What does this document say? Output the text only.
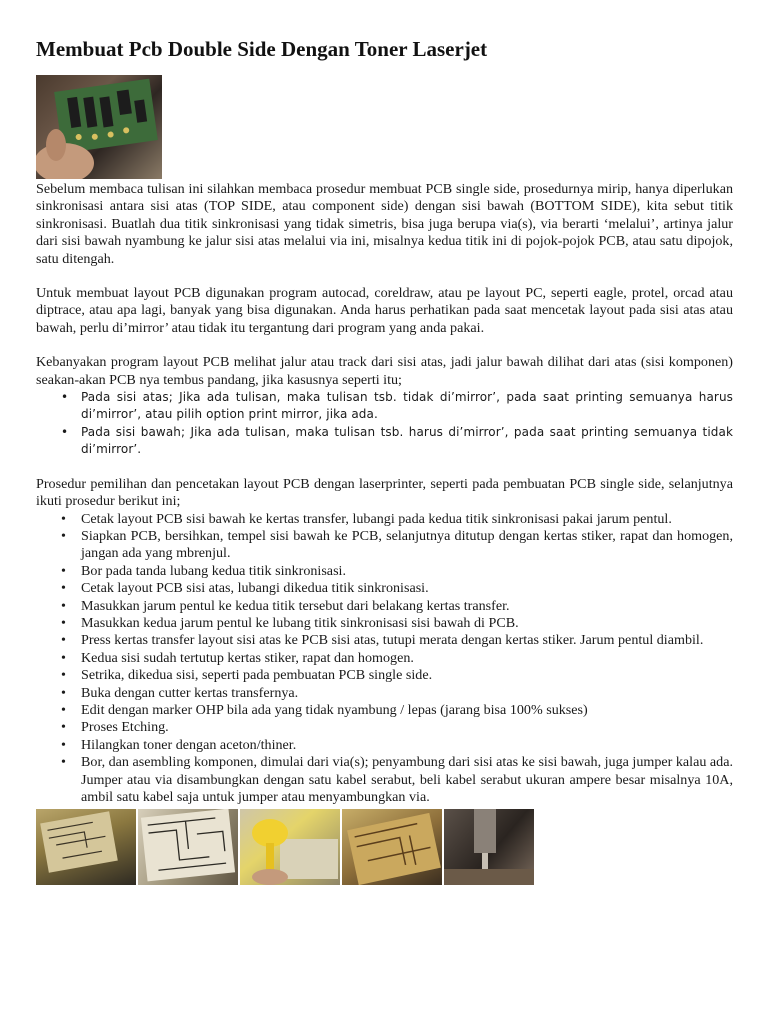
Membuat Pcb Double Side Dengan Toner Laserjet

Sebelum membaca tulisan ini silahkan membaca prosedur membuat PCB single side, prosedurnya mirip, hanya diperlukan sinkronisasi antara sisi atas (TOP SIDE, atau component side) dengan sisi bawah (BOTTOM SIDE), kita sebut titik sinkronisasi. Buatlah dua titik sinkronisasi yang tidak simetris, bisa juga berupa via(s), via berarti ‘melalui’, artinya jalur dari sisi bawah nyambung ke jalur sisi atas melalui via ini, misalnya kedua titik ini di pojok-pojok PCB, atau satu dipojok, satu ditengah.

Untuk membuat layout PCB digunakan program autocad, coreldraw, atau pe layout PC, seperti eagle, protel, orcad atau diptrace, atau apa lagi, banyak yang bisa digunakan. Anda harus perhatikan pada saat mencetak layout pada sisi atas atau bawah, perlu di’mirror’ atau tidak itu tergantung dari program yang anda pakai.

Kebanyakan program layout PCB melihat jalur atau track dari sisi atas, jadi jalur bawah dilihat dari atas (sisi komponen) seakan-akan PCB nya tembus pandang, jika kasusnya seperti itu;

• Pada sisi atas; Jika ada tulisan, maka tulisan tsb. tidak di’mirror’, pada saat printing semuanya harus di’mirror’, atau pilih option print mirror, jika ada.
• Pada sisi bawah; Jika ada tulisan, maka tulisan tsb. harus di’mirror’, pada saat printing semuanya tidak di’mirror’.

Prosedur pemilihan dan pencetakan layout PCB dengan laserprinter, seperti pada pembuatan PCB single side, selanjutnya ikuti prosedur berikut ini;

• Cetak layout PCB sisi bawah ke kertas transfer, lubangi pada kedua titik sinkronisasi pakai jarum pentul.
• Siapkan PCB, bersihkan, tempel sisi bawah ke PCB, selanjutnya ditutup dengan kertas stiker, rapat dan homogen, jangan ada yang mbrenjul.
• Bor pada tanda lubang kedua titik sinkronisasi.
• Cetak layout PCB sisi atas, lubangi dikedua titik sinkronisasi.
• Masukkan jarum pentul ke kedua titik tersebut dari belakang kertas transfer.
• Masukkan kedua jarum pentul ke lubang titik sinkronisasi sisi bawah di PCB.
• Press kertas transfer layout sisi atas ke PCB sisi atas, tutupi merata dengan kertas stiker. Jarum pentul diambil.
• Kedua sisi sudah tertutup kertas stiker, rapat dan homogen.
• Setrika, dikedua sisi, seperti pada pembuatan PCB single side.
• Buka dengan cutter kertas transfernya.
• Edit dengan marker OHP bila ada yang tidak nyambung / lepas (jarang bisa 100% sukses)
• Proses Etching.
• Hilangkan toner dengan aceton/thiner.
• Bor, dan asembling komponen, dimulai dari via(s); penyambung dari sisi atas ke sisi bawah, juga jumper kalau ada. Jumper atau via disambungkan dengan satu kabel serabut, beli kabel serabut ukuran ampere besar misalnya 10A, ambil satu kabel saja untuk jumper atau menyambungkan via.
